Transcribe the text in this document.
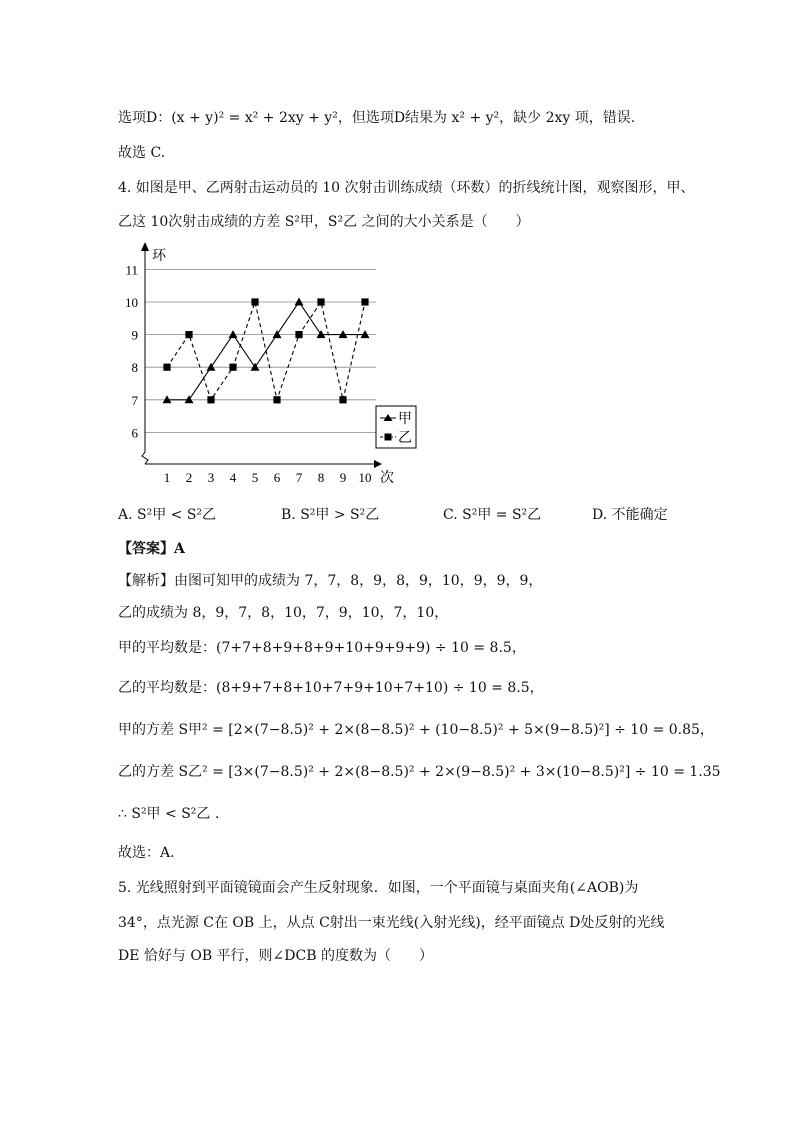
选项D：(x + y)² = x² + 2xy + y²，但选项D结果为 x² + y²，缺少 2xy 项，错误.
故选 C.
4. 如图是甲、乙两射击运动员的 10 次射击训练成绩（环数）的折线统计图，观察图形，甲、
乙这 10次射击成绩的方差 S²甲，S²乙 之间的大小关系是（　　）
环
次
6
7
8
9
10
11
1 2 3 4 5 6 7 8 9 10
甲
乙
A. S²甲 < S²乙	B. S²甲 > S²乙	C. S²甲 = S²乙	D. 不能确定
【答案】A
【解析】由图可知甲的成绩为 7，7，8，9，8，9，10，9，9，9，
乙的成绩为 8，9，7，8，10，7，9，10，7，10，
甲的平均数是：(7+7+8+9+8+9+10+9+9+9) ÷ 10 = 8.5，
乙的平均数是：(8+9+7+8+10+7+9+10+7+10) ÷ 10 = 8.5，
甲的方差 S甲² = [2×(7−8.5)² + 2×(8−8.5)² + (10−8.5)² + 5×(9−8.5)²] ÷ 10 = 0.85，
乙的方差 S乙² = [3×(7−8.5)² + 2×(8−8.5)² + 2×(9−8.5)² + 3×(10−8.5)²] ÷ 10 = 1.35
∴ S²甲 < S²乙 .
故选：A.
5. 光线照射到平面镜镜面会产生反射现象．如图，一个平面镜与桌面夹角(∠AOB)为
34°，点光源 C在 OB 上，从点 C射出一束光线(入射光线)，经平面镜点 D处反射的光线
DE 恰好与 OB 平行，则∠DCB 的度数为（　　）
